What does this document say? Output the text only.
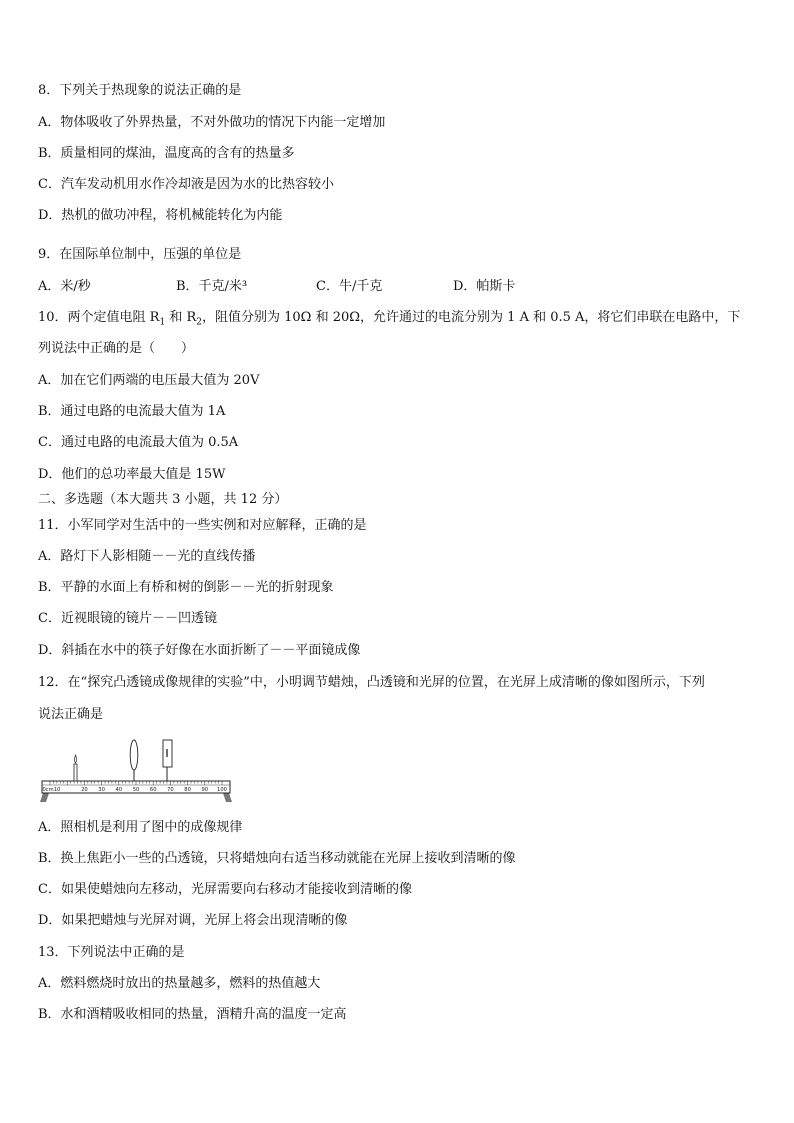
8．下列关于热现象的说法正确的是
A．物体吸收了外界热量，不对外做功的情况下内能一定增加
B．质量相同的煤油，温度高的含有的热量多
C．汽车发动机用水作冷却液是因为水的比热容较小
D．热机的做功冲程，将机械能转化为内能
9．在国际单位制中，压强的单位是
A．米/秒	B．千克/米³	C．牛/千克	D．帕斯卡
10．两个定值电阻 $R_1$ 和 $R_2$，阻值分别为 10Ω 和 20Ω，允许通过的电流分别为 1 A 和 0.5 A，将它们串联在电路中，下
列说法中正确的是（　　）
A．加在它们两端的电压最大值为 20V
B．通过电路的电流最大值为 1A
C．通过电路的电流最大值为 0.5A
D．他们的总功率最大值是 15W
二、多选题（本大题共 3 小题，共 12 分）
11．小军同学对生活中的一些实例和对应解释，正确的是
A．路灯下人影相随－－光的直线传播
B．平静的水面上有桥和树的倒影－－光的折射现象
C．近视眼镜的镜片－－凹透镜
D．斜插在水中的筷子好像在水面折断了－－平面镜成像
12．在“探究凸透镜成像规律的实验”中，小明调节蜡烛，凸透镜和光屏的位置，在光屏上成清晰的像如图所示，下列
说法正确是
0cm10	20 30 40 50 60 70 80 90 100
A．照相机是利用了图中的成像规律
B．换上焦距小一些的凸透镜，只将蜡烛向右适当移动就能在光屏上接收到清晰的像
C．如果使蜡烛向左移动，光屏需要向右移动才能接收到清晰的像
D．如果把蜡烛与光屏对调，光屏上将会出现清晰的像
13．下列说法中正确的是
A．燃料燃烧时放出的热量越多，燃料的热值越大
B．水和酒精吸收相同的热量，酒精升高的温度一定高
